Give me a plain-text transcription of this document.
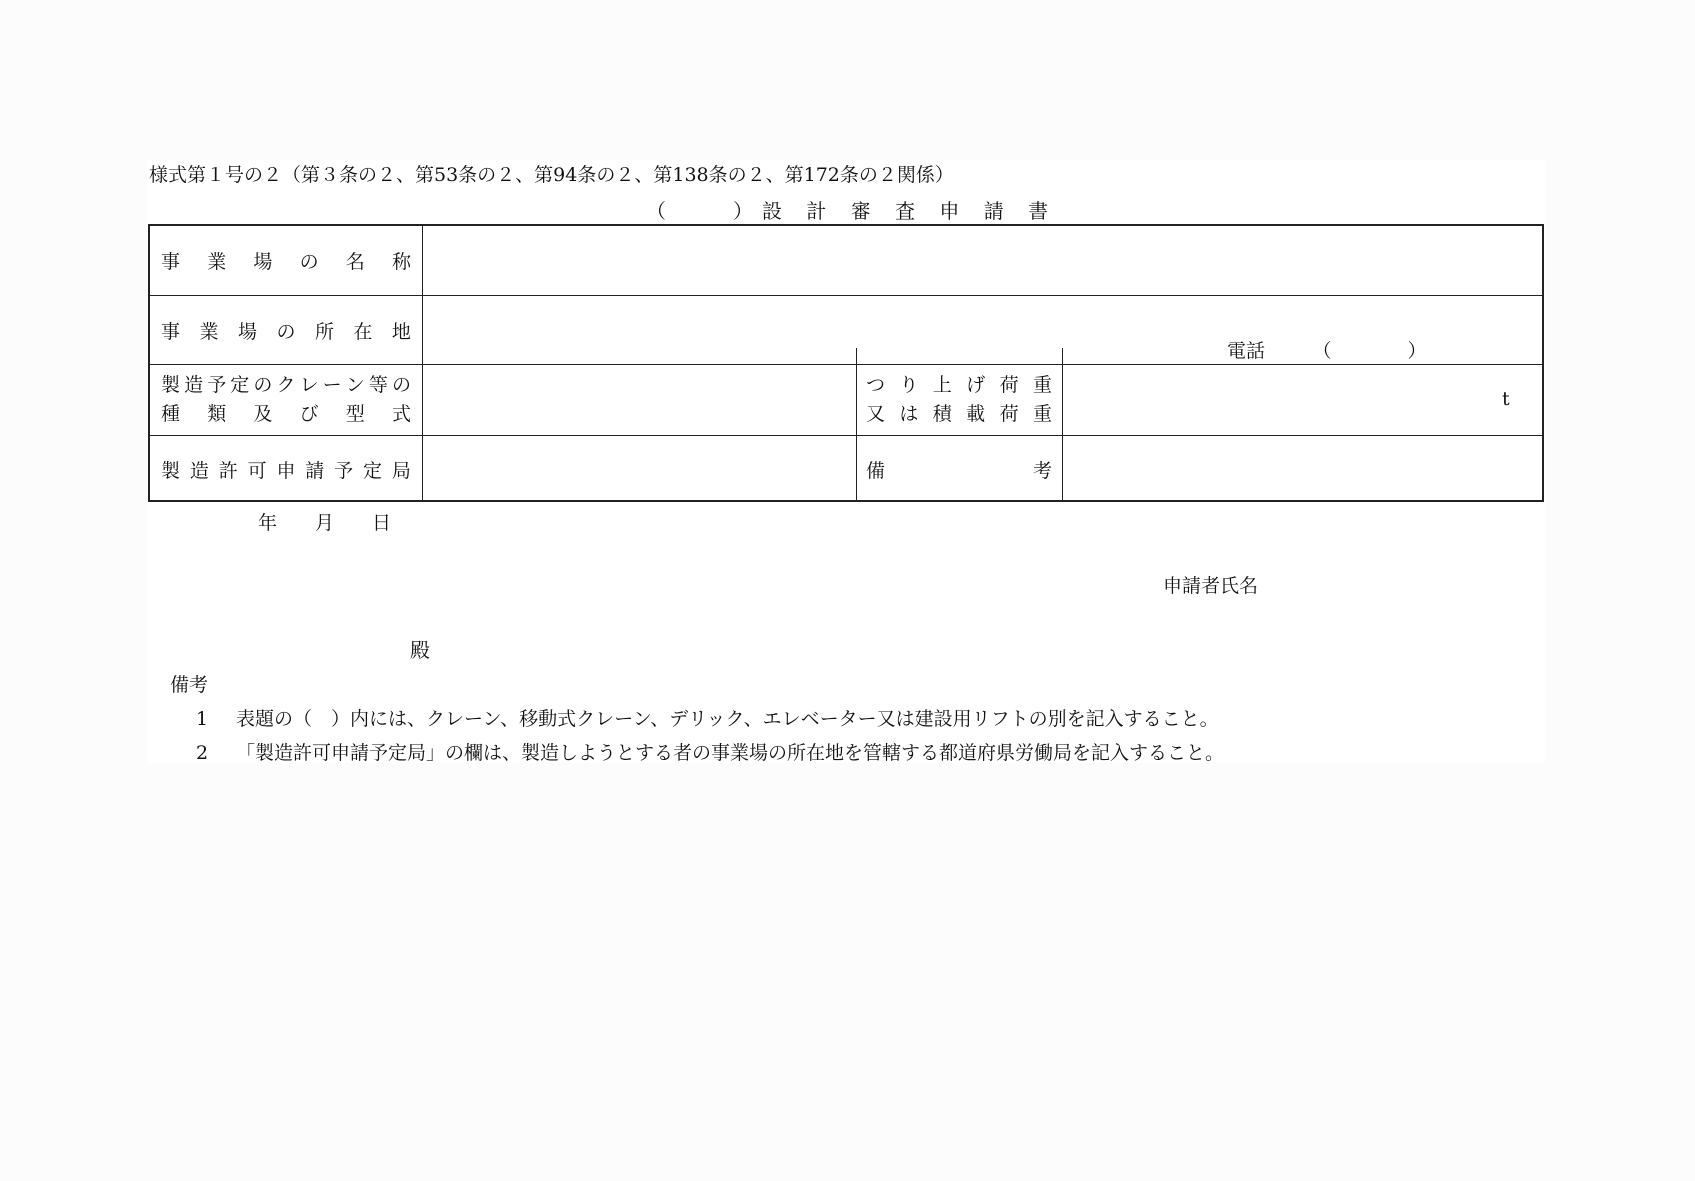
様式第１号の２（第３条の２、第53条の２、第94条の２、第138条の２、第172条の２関係）
（　　）設 計 審 査 申 請 書
事 業 場 の 名 称
事 業 場 の 所 在 地
製 造 予 定 の ク レ ー ン 等 の
種 類 及 び 型 式
つ り 上 げ 荷 重
又 は 積 載 荷 重
製 造 許 可 申 請 予 定 局	備	考
電話　　　（　　　　）
t
年　　月　　日
申請者氏名
殿
備考
1 表題の（　）内には、クレーン、移動式クレーン、デリック、エレベーター又は建設用リフトの別を記入すること。
2 「製造許可申請予定局」の欄は、製造しようとする者の事業場の所在地を管轄する都道府県労働局を記入すること。
